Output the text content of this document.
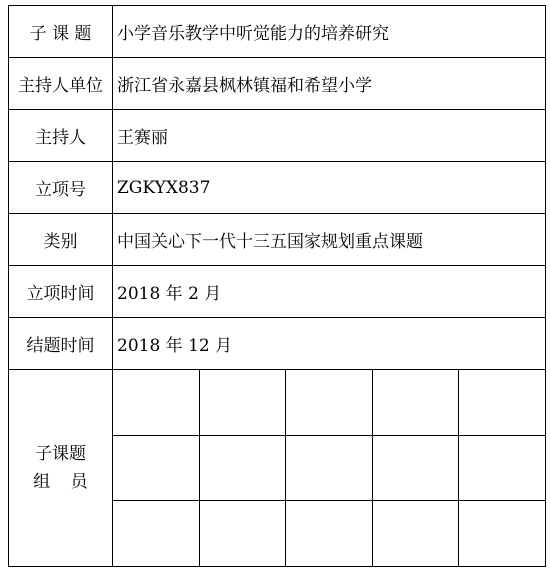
子 课 题	小学音乐教学中听觉能力的培养研究
主持人单位	浙江省永嘉县枫林镇福和希望小学
主持人	王赛丽
立项号	ZGKYX837
类别	中国关心下一代十三五国家规划重点课题
立项时间	2018 年 2 月
结题时间	2018 年 12 月

子课题
组员
